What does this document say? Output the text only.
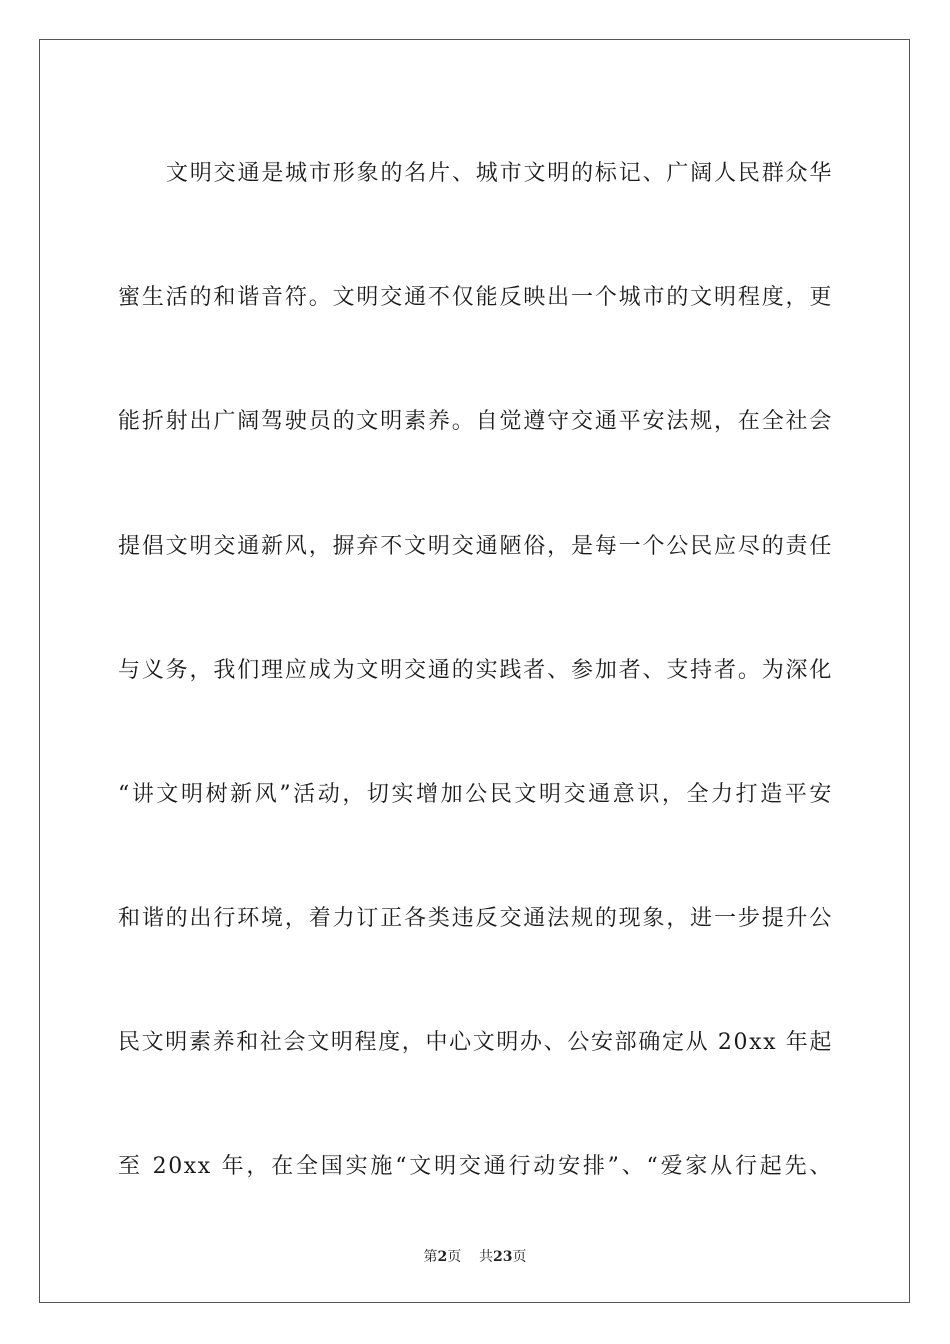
文明交通是城市形象的名片、城市文明的标记、广阔人民群众华

蜜生活的和谐音符。文明交通不仅能反映出一个城市的文明程度，更

能折射出广阔驾驶员的文明素养。自觉遵守交通平安法规，在全社会

提倡文明交通新风，摒弃不文明交通陋俗，是每一个公民应尽的责任

与义务，我们理应成为文明交通的实践者、参加者、支持者。为深化

“讲文明树新风”活动，切实增加公民文明交通意识，全力打造平安

和谐的出行环境，着力订正各类违反交通法规的现象，进一步提升公

民文明素养和社会文明程度，中心文明办、公安部确定从 20xx 年起

至 20xx 年，在全国实施“文明交通行动安排”、“爱家从行起先、

第2页 共23页
